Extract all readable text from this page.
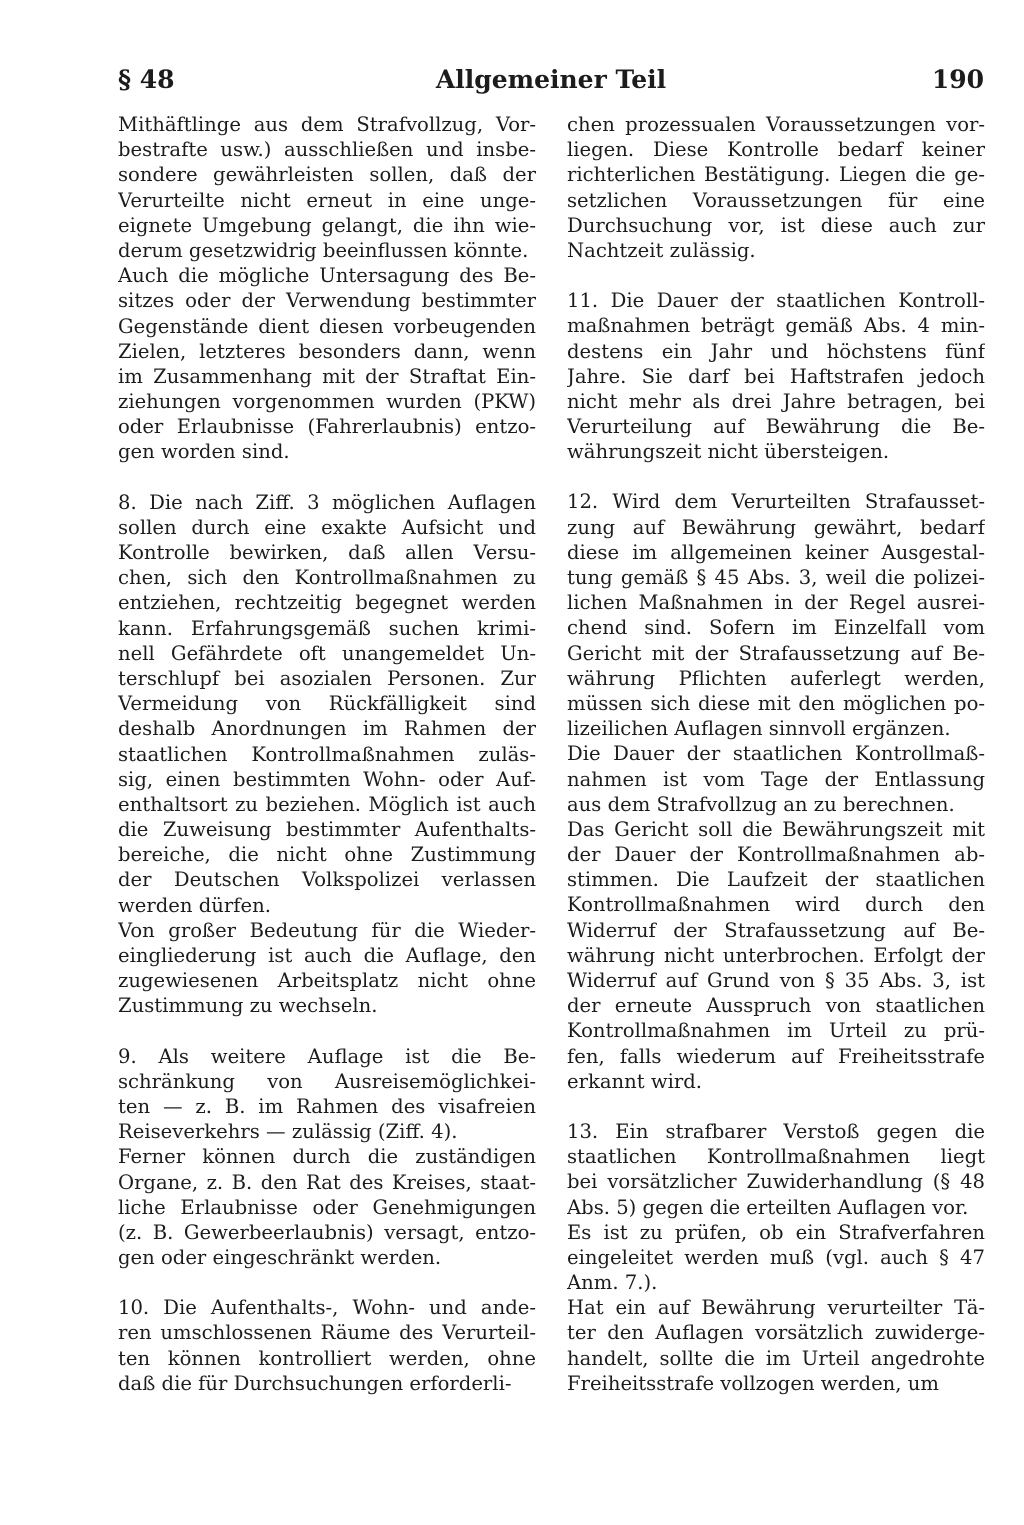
§ 48	Allgemeiner Teil	190
Mithäftlinge aus dem Strafvollzug, Vor-
bestrafte usw.) ausschließen und insbe-
sondere gewährleisten sollen, daß der
Verurteilte nicht erneut in eine unge-
eignete Umgebung gelangt, die ihn wie-
derum gesetzwidrig beeinflussen könnte.
Auch die mögliche Untersagung des Be-
sitzes oder der Verwendung bestimmter
Gegenstände dient diesen vorbeugenden
Zielen, letzteres besonders dann, wenn
im Zusammenhang mit der Straftat Ein-
ziehungen vorgenommen wurden (PKW)
oder Erlaubnisse (Fahrerlaubnis) entzo-
gen worden sind.
8. Die nach Ziff. 3 möglichen Auflagen
sollen durch eine exakte Aufsicht und
Kontrolle bewirken, daß allen Versu-
chen, sich den Kontrollmaßnahmen zu
entziehen, rechtzeitig begegnet werden
kann. Erfahrungsgemäß suchen krimi-
nell Gefährdete oft unangemeldet Un-
terschlupf bei asozialen Personen. Zur
Vermeidung von Rückfälligkeit sind
deshalb Anordnungen im Rahmen der
staatlichen Kontrollmaßnahmen zuläs-
sig, einen bestimmten Wohn- oder Auf-
enthaltsort zu beziehen. Möglich ist auch
die Zuweisung bestimmter Aufenthalts-
bereiche, die nicht ohne Zustimmung
der Deutschen Volkspolizei verlassen
werden dürfen.
Von großer Bedeutung für die Wieder-
eingliederung ist auch die Auflage, den
zugewiesenen Arbeitsplatz nicht ohne
Zustimmung zu wechseln.
9. Als weitere Auflage ist die Be-
schränkung von Ausreisemöglichkei-
ten — z. B. im Rahmen des visafreien
Reiseverkehrs — zulässig (Ziff. 4).
Ferner können durch die zuständigen
Organe, z. B. den Rat des Kreises, staat-
liche Erlaubnisse oder Genehmigungen
(z. B. Gewerbeerlaubnis) versagt, entzo-
gen oder eingeschränkt werden.
10. Die Aufenthalts-, Wohn- und ande-
ren umschlossenen Räume des Verurteil-
ten können kontrolliert werden, ohne
daß die für Durchsuchungen erforderli-
chen prozessualen Voraussetzungen vor-
liegen. Diese Kontrolle bedarf keiner
richterlichen Bestätigung. Liegen die ge-
setzlichen Voraussetzungen für eine
Durchsuchung vor, ist diese auch zur
Nachtzeit zulässig.
11. Die Dauer der staatlichen Kontroll-
maßnahmen beträgt gemäß Abs. 4 min-
destens ein Jahr und höchstens fünf
Jahre. Sie darf bei Haftstrafen jedoch
nicht mehr als drei Jahre betragen, bei
Verurteilung auf Bewährung die Be-
währungszeit nicht übersteigen.
12. Wird dem Verurteilten Strafausset-
zung auf Bewährung gewährt, bedarf
diese im allgemeinen keiner Ausgestal-
tung gemäß § 45 Abs. 3, weil die polizei-
lichen Maßnahmen in der Regel ausrei-
chend sind. Sofern im Einzelfall vom
Gericht mit der Strafaussetzung auf Be-
währung Pflichten auferlegt werden,
müssen sich diese mit den möglichen po-
lizeilichen Auflagen sinnvoll ergänzen.
Die Dauer der staatlichen Kontrollmaß-
nahmen ist vom Tage der Entlassung
aus dem Strafvollzug an zu berechnen.
Das Gericht soll die Bewährungszeit mit
der Dauer der Kontrollmaßnahmen ab-
stimmen. Die Laufzeit der staatlichen
Kontrollmaßnahmen wird durch den
Widerruf der Strafaussetzung auf Be-
währung nicht unterbrochen. Erfolgt der
Widerruf auf Grund von § 35 Abs. 3, ist
der erneute Ausspruch von staatlichen
Kontrollmaßnahmen im Urteil zu prü-
fen, falls wiederum auf Freiheitsstrafe
erkannt wird.
13. Ein strafbarer Verstoß gegen die
staatlichen Kontrollmaßnahmen liegt
bei vorsätzlicher Zuwiderhandlung (§ 48
Abs. 5) gegen die erteilten Auflagen vor.
Es ist zu prüfen, ob ein Strafverfahren
eingeleitet werden muß (vgl. auch § 47
Anm. 7.).
Hat ein auf Bewährung verurteilter Tä-
ter den Auflagen vorsätzlich zuwiderge-
handelt, sollte die im Urteil angedrohte
Freiheitsstrafe vollzogen werden, um
